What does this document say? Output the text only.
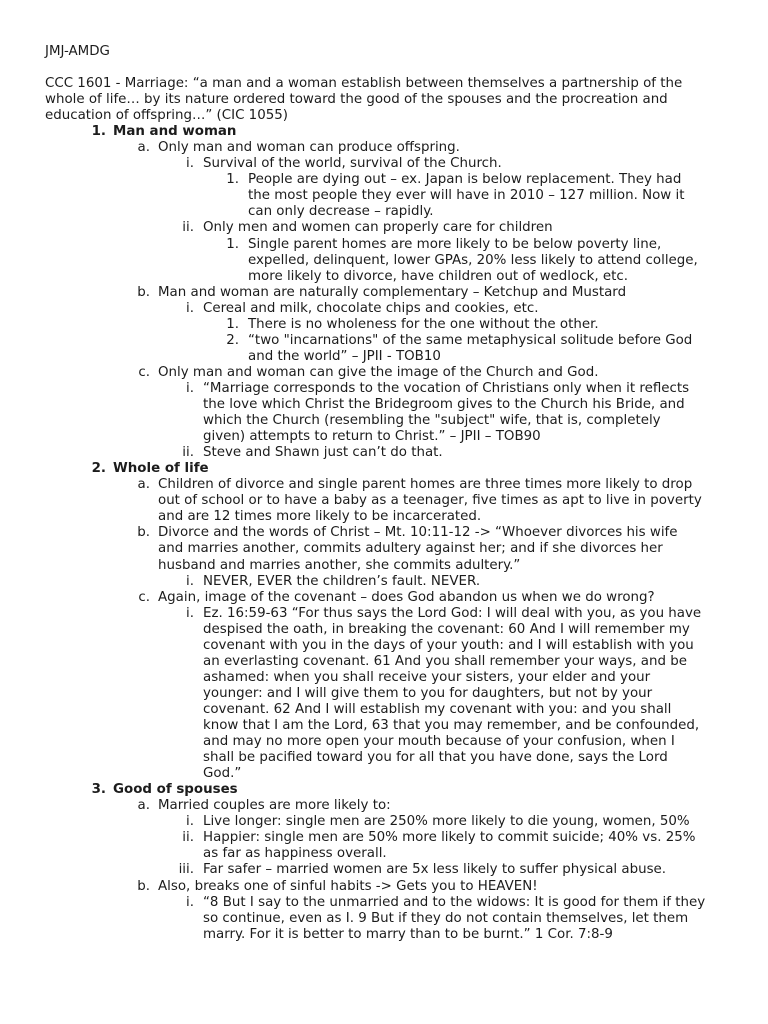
JMJ-AMDG
CCC 1601 - Marriage: “a man and a woman establish between themselves a partnership of the
whole of life… by its nature ordered toward the good of the spouses and the procreation and
education of offspring…” (CIC 1055)
1. Man and woman
a. Only man and woman can produce offspring.
i. Survival of the world, survival of the Church.
1. People are dying out – ex. Japan is below replacement. They had
the most people they ever will have in 2010 – 127 million. Now it
can only decrease – rapidly.
ii. Only men and women can properly care for children
1. Single parent homes are more likely to be below poverty line,
expelled, delinquent, lower GPAs, 20% less likely to attend college,
more likely to divorce, have children out of wedlock, etc.
b. Man and woman are naturally complementary – Ketchup and Mustard
i. Cereal and milk, chocolate chips and cookies, etc.
1. There is no wholeness for the one without the other.
2. “two "incarnations" of the same metaphysical solitude before God
and the world” – JPII - TOB10
c. Only man and woman can give the image of the Church and God.
i. “Marriage corresponds to the vocation of Christians only when it reflects
the love which Christ the Bridegroom gives to the Church his Bride, and
which the Church (resembling the "subject" wife, that is, completely
given) attempts to return to Christ.” – JPII – TOB90
ii. Steve and Shawn just can’t do that.
2. Whole of life
a. Children of divorce and single parent homes are three times more likely to drop
out of school or to have a baby as a teenager, five times as apt to live in poverty
and are 12 times more likely to be incarcerated.
b. Divorce and the words of Christ – Mt. 10:11-12 -> “Whoever divorces his wife
and marries another, commits adultery against her; and if she divorces her
husband and marries another, she commits adultery.”
i. NEVER, EVER the children’s fault. NEVER.
c. Again, image of the covenant – does God abandon us when we do wrong?
i. Ez. 16:59-63 “For thus says the Lord God: I will deal with you, as you have
despised the oath, in breaking the covenant: 60 And I will remember my
covenant with you in the days of your youth: and I will establish with you
an everlasting covenant. 61 And you shall remember your ways, and be
ashamed: when you shall receive your sisters, your elder and your
younger: and I will give them to you for daughters, but not by your
covenant. 62 And I will establish my covenant with you: and you shall
know that I am the Lord, 63 that you may remember, and be confounded,
and may no more open your mouth because of your confusion, when I
shall be pacified toward you for all that you have done, says the Lord
God.”
3. Good of spouses
a. Married couples are more likely to:
i. Live longer: single men are 250% more likely to die young, women, 50%
ii. Happier: single men are 50% more likely to commit suicide; 40% vs. 25%
as far as happiness overall.
iii. Far safer – married women are 5x less likely to suffer physical abuse.
b. Also, breaks one of sinful habits -> Gets you to HEAVEN!
i. “8 But I say to the unmarried and to the widows: It is good for them if they
so continue, even as I. 9 But if they do not contain themselves, let them
marry. For it is better to marry than to be burnt.” 1 Cor. 7:8-9
